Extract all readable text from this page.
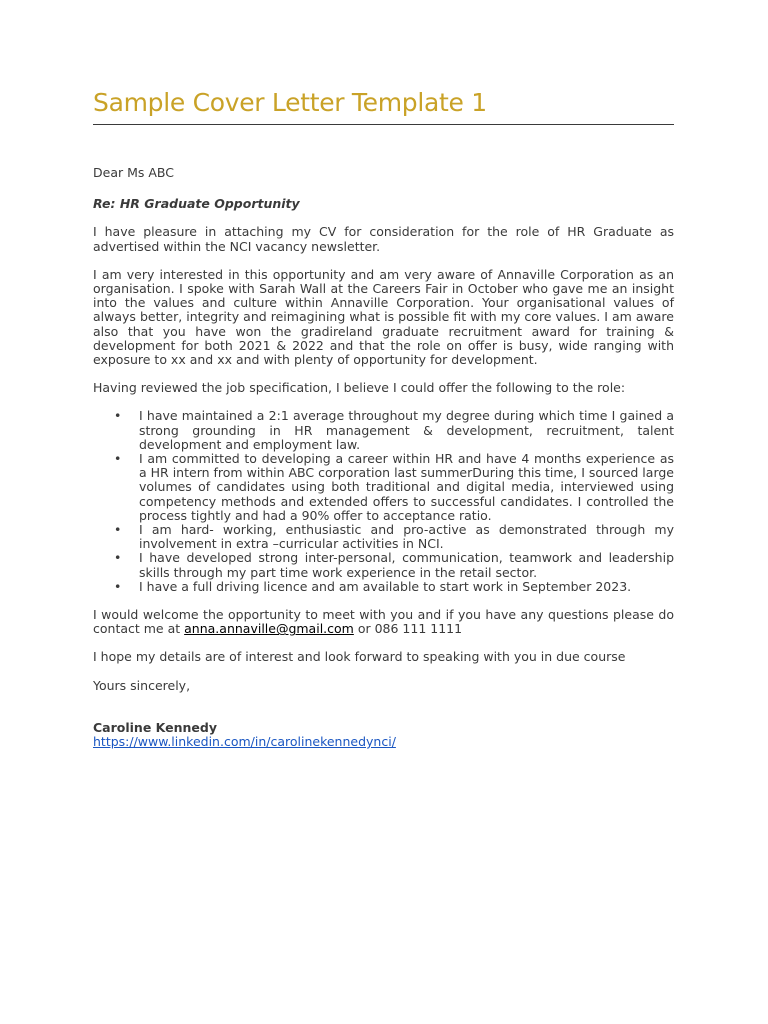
Sample Cover Letter Template 1

Dear Ms ABC

Re: HR Graduate Opportunity

I have pleasure in attaching my CV for consideration for the role of HR Graduate as advertised within the NCI vacancy newsletter.

I am very interested in this opportunity and am very aware of Annaville Corporation as an organisation. I spoke with Sarah Wall at the Careers Fair in October who gave me an insight into the values and culture within Annaville Corporation. Your organisational values of always better, integrity and reimagining what is possible fit with my core values. I am aware also that you have won the gradireland graduate recruitment award for training & development for both 2021 & 2022 and that the role on offer is busy, wide ranging with exposure to xx and xx and with plenty of opportunity for development.

Having reviewed the job specification, I believe I could offer the following to the role:

• I have maintained a 2:1 average throughout my degree during which time I gained a strong grounding in HR management & development, recruitment, talent development and employment law.
• I am committed to developing a career within HR and have 4 months experience as a HR intern from within ABC corporation last summerDuring this time, I sourced large volumes of candidates using both traditional and digital media, interviewed using competency methods and extended offers to successful candidates. I controlled the process tightly and had a 90% offer to acceptance ratio.
• I am hard- working, enthusiastic and pro-active as demonstrated through my involvement in extra –curricular activities in NCI.
• I have developed strong inter-personal, communication, teamwork and leadership skills through my part time work experience in the retail sector.
• I have a full driving licence and am available to start work in September 2023.

I would welcome the opportunity to meet with you and if you have any questions please do contact me at anna.annaville@gmail.com or 086 111 1111

I hope my details are of interest and look forward to speaking with you in due course

Yours sincerely,

Caroline Kennedy

https://www.linkedin.com/in/carolinekennedynci/
